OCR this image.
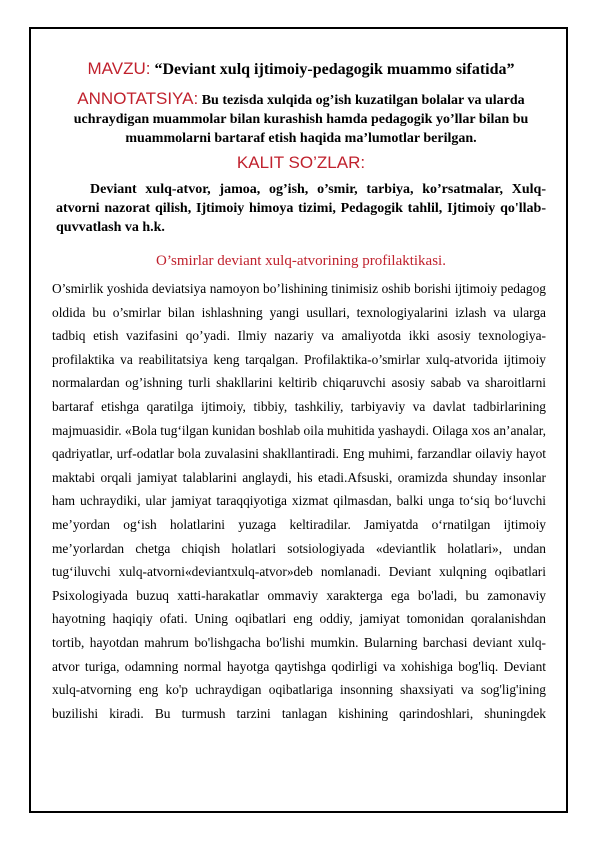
MAVZU: “Deviant xulq ijtimoiy-pedagogik muammo sifatida”

ANNOTATSIYA: Bu tezisda xulqida og’ish kuzatilgan bolalar va ularda uchraydigan muammolar bilan kurashish hamda pedagogik yo’llar bilan bu muammolarni bartaraf etish haqida ma’lumotlar berilgan.

KALIT SO’ZLAR:

Deviant xulq-atvor, jamoa, og’ish, o’smir, tarbiya, ko’rsatmalar, Xulq-atvorni nazorat qilish, Ijtimoiy himoya tizimi, Pedagogik tahlil, Ijtimoiy qo'llab-quvvatlash va h.k.

O’smirlar deviant xulq-atvorining profilaktikasi.

O’smirlik yoshida deviatsiya namoyon bo’lishining tinimisiz oshib borishi ijtimoiy pedagog oldida bu o’smirlar bilan ishlashning yangi usullari, texnologiyalarini izlash va ularga tadbiq etish vazifasini qo’yadi. Ilmiy nazariy va amaliyotda ikki asosiy texnologiya-profilaktika va reabilitatsiya keng tarqalgan. Profilaktika-o’smirlar xulq-atvorida ijtimoiy normalardan og’ishning turli shakllarini keltirib chiqaruvchi asosiy sabab va sharoitlarni bartaraf etishga qaratilga ijtimoiy, tibbiy, tashkiliy, tarbiyaviy va davlat tadbirlarining majmuasidir. «Bola tug‘ilgan kunidan boshlab oila muhitida yashaydi. Oilaga xos an’analar, qadriyatlar, urf-odatlar bola zuvalasini shakllantiradi. Eng muhimi, farzandlar oilaviy hayot maktabi orqali jamiyat talablarini anglaydi, his etadi.Afsuski, oramizda shunday insonlar ham uchraydiki, ular jamiyat taraqqiyotiga xizmat qilmasdan, balki unga to‘siq bo‘luvchi me’yordan og‘ish holatlarini yuzaga keltiradilar. Jamiyatda o‘rnatilgan ijtimoiy me’yorlardan chetga chiqish holatlari sotsiologiyada «deviantlik holatlari», undan tug‘iluvchi xulq-atvorni«deviantxulq-atvor»deb nomlanadi. Deviant xulqning oqibatlari Psixologiyada buzuq xatti-harakatlar ommaviy xarakterga ega bo'ladi, bu zamonaviy hayotning haqiqiy ofati. Uning oqibatlari eng oddiy, jamiyat tomonidan qoralanishdan tortib, hayotdan mahrum bo'lishgacha bo'lishi mumkin. Bularning barchasi deviant xulq-atvor turiga, odamning normal hayotga qaytishga qodirligi va xohishiga bog'liq. Deviant xulq-atvorning eng ko'p uchraydigan oqibatlariga insonning shaxsiyati va sog'lig'ining buzilishi kiradi. Bu turmush tarzini tanlagan kishining qarindoshlari, shuningdek
